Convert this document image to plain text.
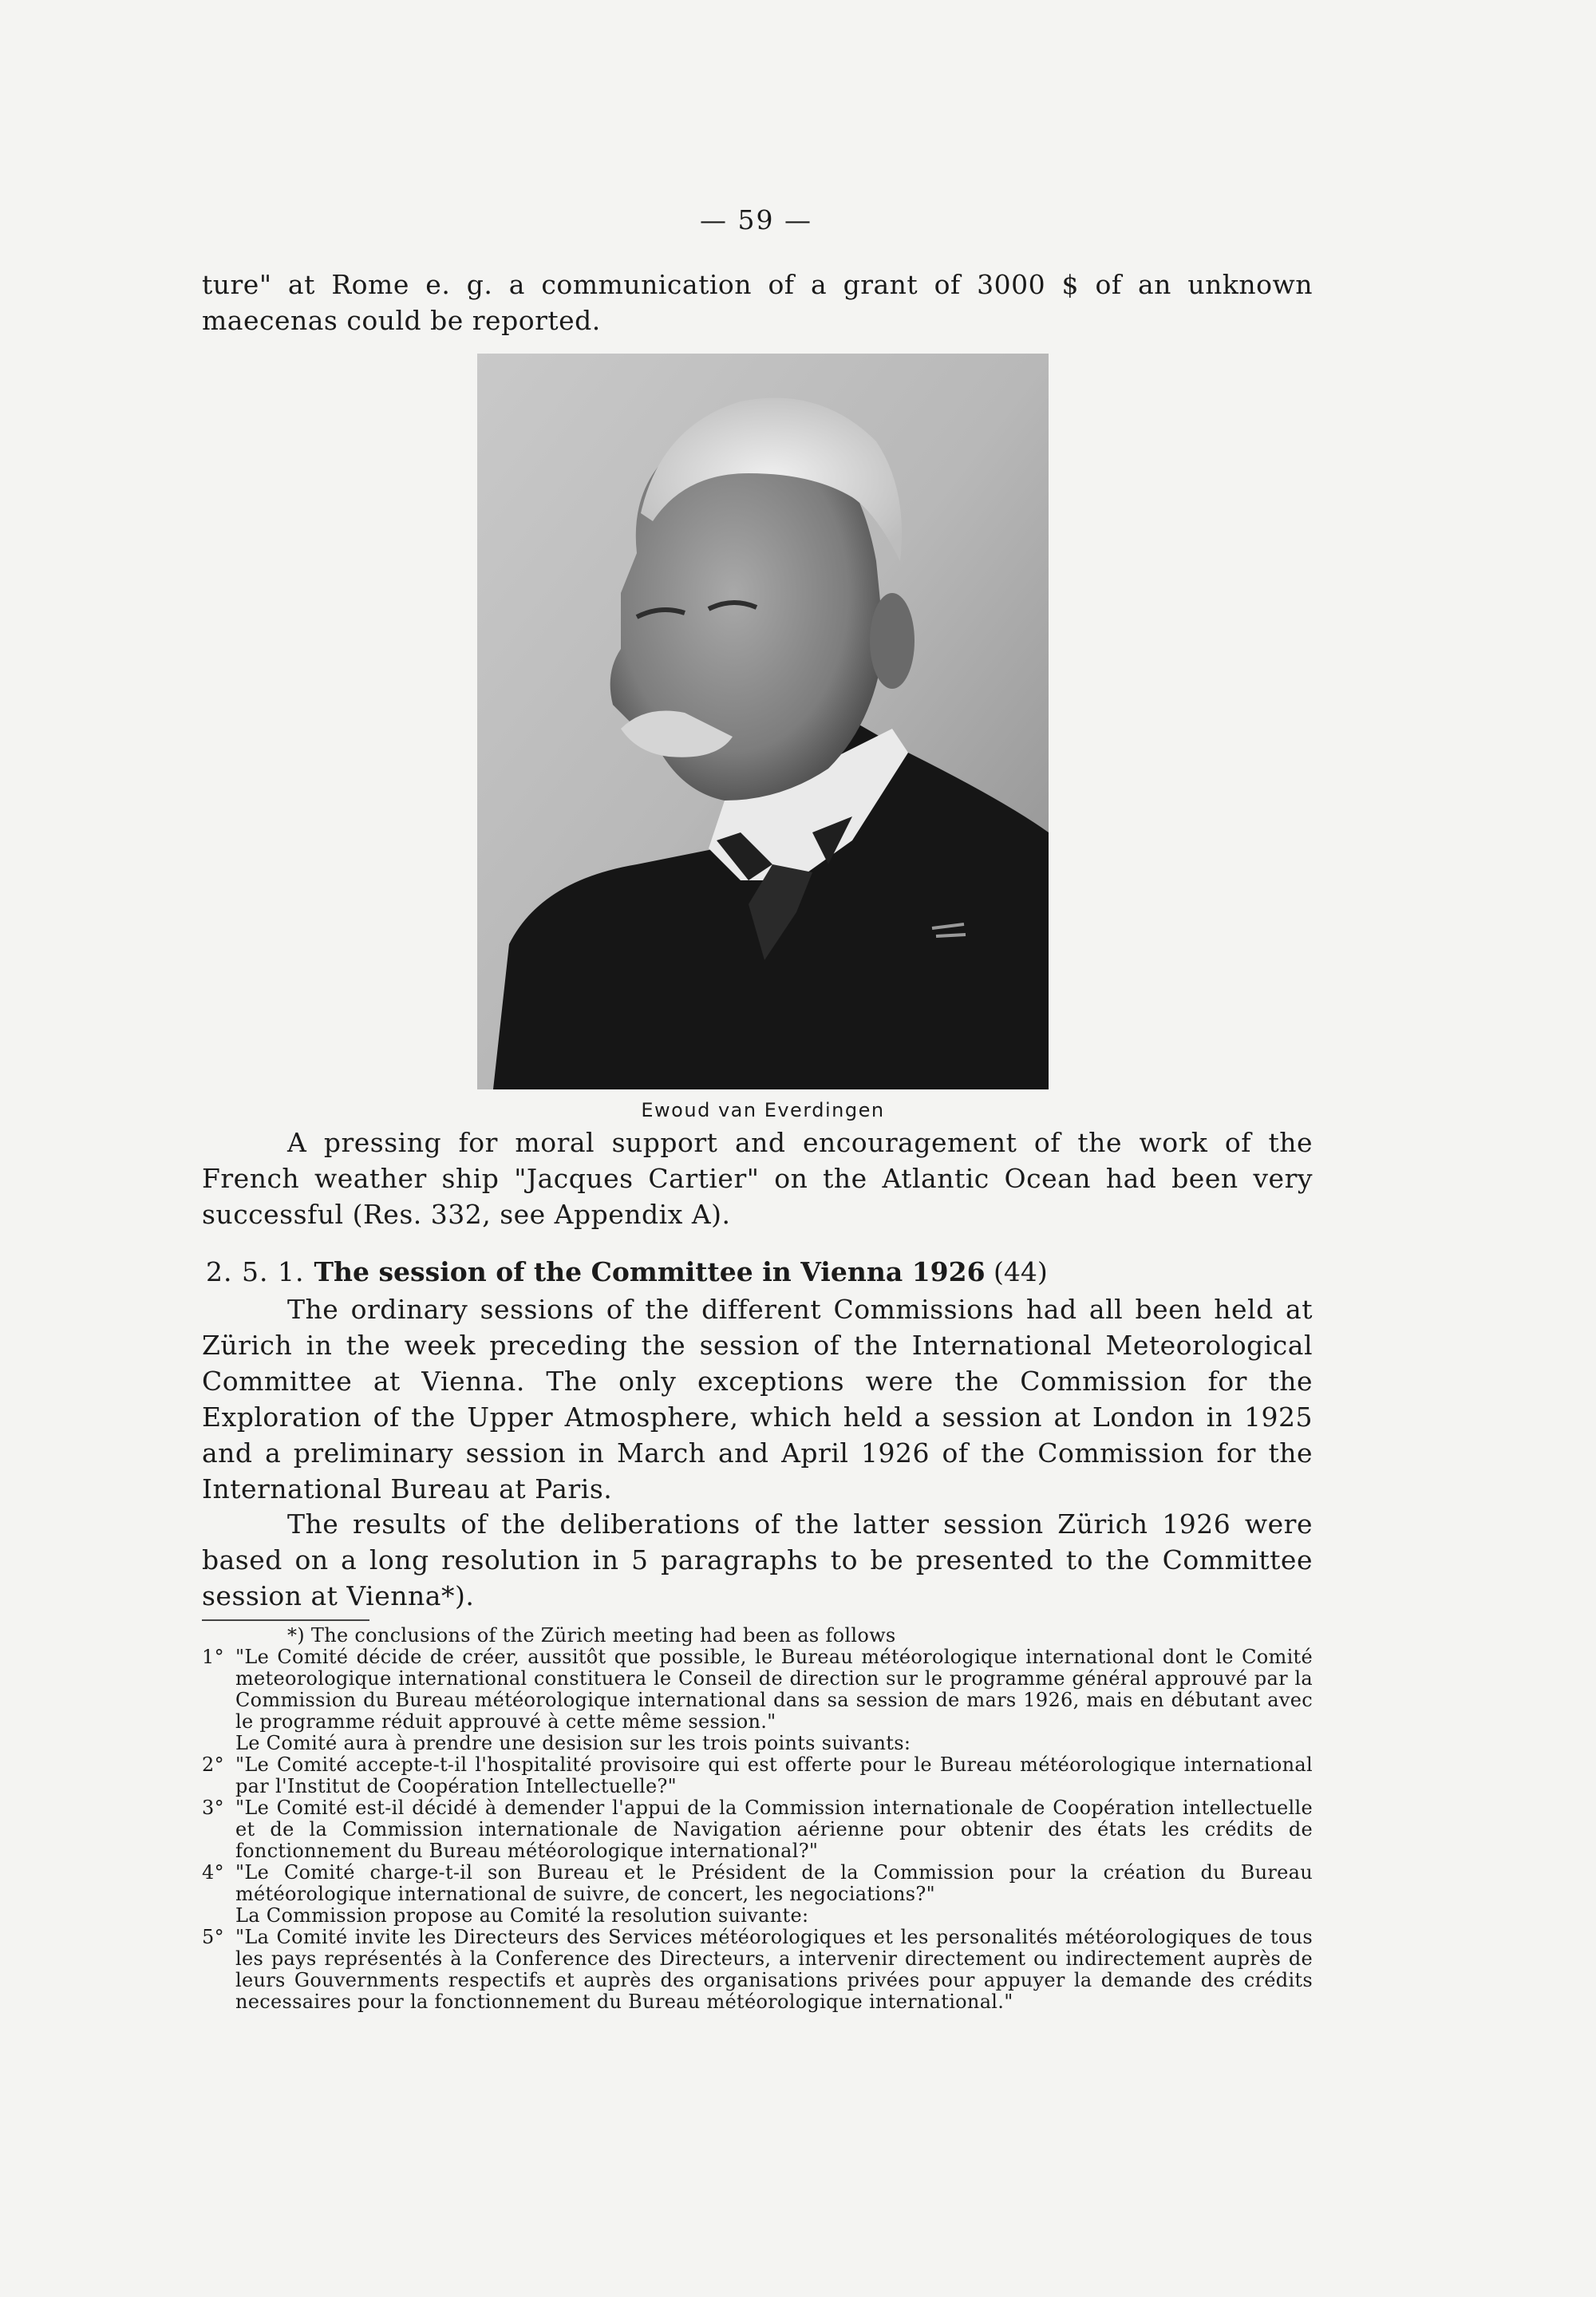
— 59 —
ture" at Rome e. g. a communication of a grant of 3000 $ of an unknown maecenas could be reported.
Ewoud van Everdingen
A pressing for moral support and encouragement of the work of the French weather ship "Jacques Cartier" on the Atlantic Ocean had been very successful (Res. 332, see Appendix A).
2. 5. 1. The session of the Committee in Vienna 1926 (44)
The ordinary sessions of the different Commissions had all been held at Zürich in the week preceding the session of the International Meteorological Committee at Vienna. The only exceptions were the Commission for the Exploration of the Upper Atmosphere, which held a session at London in 1925 and a preliminary session in March and April 1926 of the Commission for the International Bureau at Paris.
The results of the deliberations of the latter session Zürich 1926 were based on a long resolution in 5 paragraphs to be presented to the Committee session at Vienna*).
*) The conclusions of the Zürich meeting had been as follows
1° "Le Comité décide de créer, aussitôt que possible, le Bureau météorologique international dont le Comité meteorologique international constituera le Conseil de direction sur le programme général approuvé par la Commission du Bureau météorologique international dans sa session de mars 1926, mais en débutant avec le programme réduit approuvé à cette même session."
Le Comité aura à prendre une desision sur les trois points suivants:
2° "Le Comité accepte-t-il l'hospitalité provisoire qui est offerte pour le Bureau météorologique international par l'Institut de Coopération Intellectuelle?"
3° "Le Comité est-il décidé à demender l'appui de la Commission internationale de Coopération intellectuelle et de la Commission internationale de Navigation aérienne pour obtenir des états les crédits de fonctionnement du Bureau météorologique international?"
4° "Le Comité charge-t-il son Bureau et le Président de la Commission pour la création du Bureau météorologique international de suivre, de concert, les negociations?"
La Commission propose au Comité la resolution suivante:
5° "La Comité invite les Directeurs des Services météorologiques et les personalités météorologiques de tous les pays représentés à la Conference des Directeurs, a intervenir directement ou indirectement auprès de leurs Gouvernments respectifs et auprès des organisations privées pour appuyer la demande des crédits necessaires pour la fonctionnement du Bureau météorologique international."
